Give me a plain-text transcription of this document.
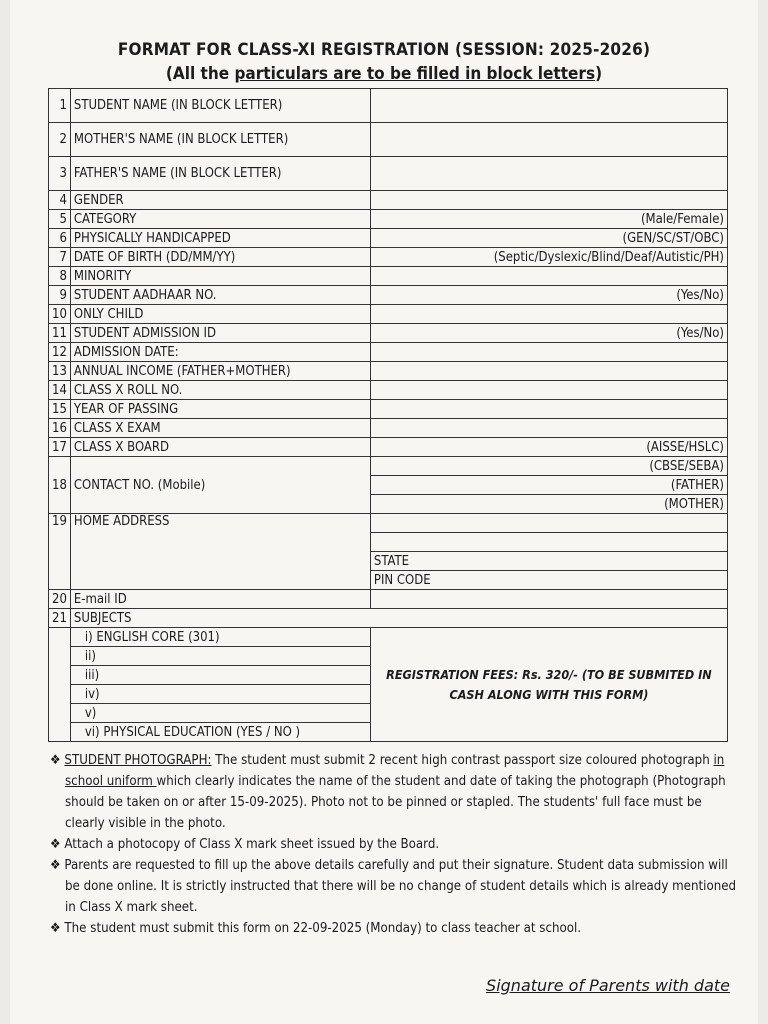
FORMAT FOR CLASS-XI REGISTRATION (SESSION: 2025-2026)
(All the particulars are to be filled in block letters)
1	STUDENT NAME (IN BLOCK LETTER)	
2	MOTHER'S NAME (IN BLOCK LETTER)	
3	FATHER'S NAME (IN BLOCK LETTER)	
4	GENDER	
5	CATEGORY	(Male/Female)
6	PHYSICALLY HANDICAPPED	(GEN/SC/ST/OBC)
7	DATE OF BIRTH (DD/MM/YY)	(Septic/Dyslexic/Blind/Deaf/Autistic/PH)
8	MINORITY	
9	STUDENT AADHAAR NO.	(Yes/No)
10	ONLY CHILD	
11	STUDENT ADMISSION ID	(Yes/No)
12	ADMISSION DATE:	
13	ANNUAL INCOME (FATHER+MOTHER)	
14	CLASS X ROLL NO.	
15	YEAR OF PASSING	
16	CLASS X EXAM	
17	CLASS X BOARD	(AISSE/HSLC)
18	CONTACT NO. (Mobile)	(CBSE/SEBA)
		(FATHER)
		(MOTHER)
19	HOME ADDRESS	

		STATE
		PIN CODE
20	E-mail ID	
21	SUBJECTS	
	i) ENGLISH CORE (301)	REGISTRATION FEES: Rs. 320/- (TO BE SUBMITED IN
CASH ALONG WITH THIS FORM)

	ii)	
	iii)	
	iv)	
	v)	
	vi) PHYSICAL EDUCATION (YES / NO )	

❖ STUDENT PHOTOGRAPH: The student must submit 2 recent high contrast passport size coloured photograph in school uniform which clearly indicates the name of the student and date of taking the photograph (Photograph should be taken on or after 15-09-2025). Photo not to be pinned or stapled. The students' full face must be clearly visible in the photo.

❖ Attach a photocopy of Class X mark sheet issued by the Board.

❖ Parents are requested to fill up the above details carefully and put their signature. Student data submission will be done online. It is strictly instructed that there will be no change of student details which is already mentioned in Class X mark sheet.

❖ The student must submit this form on 22-09-2025 (Monday) to class teacher at school.

Signature of Parents with date
